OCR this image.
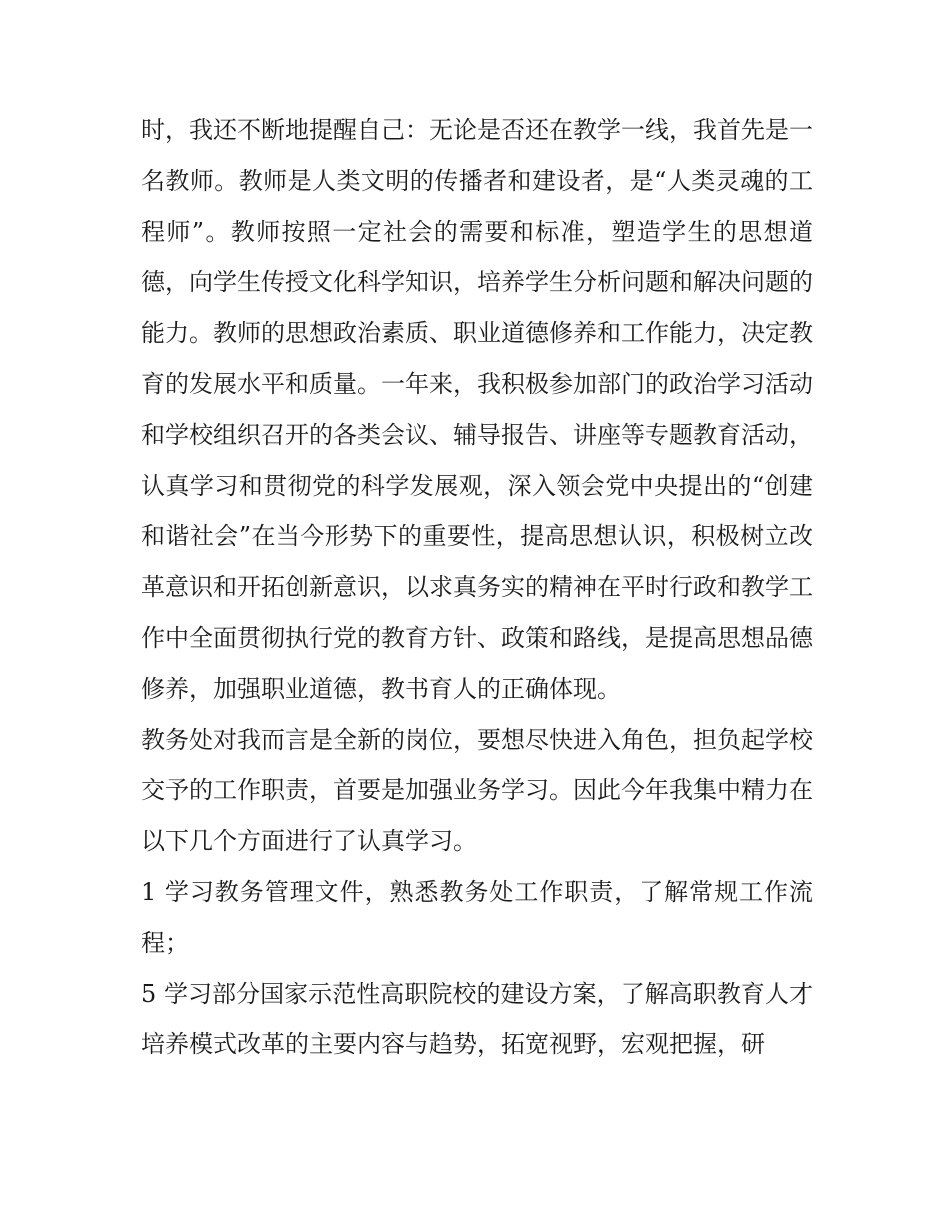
时，我还不断地提醒自己：无论是否还在教学一线，我首先是一名教师。教师是人类文明的传播者和建设者，是“人类灵魂的工程师”。教师按照一定社会的需要和标准，塑造学生的思想道德，向学生传授文化科学知识，培养学生分析问题和解决问题的能力。教师的思想政治素质、职业道德修养和工作能力，决定教育的发展水平和质量。一年来，我积极参加部门的政治学习活动和学校组织召开的各类会议、辅导报告、讲座等专题教育活动，认真学习和贯彻党的科学发展观，深入领会党中央提出的“创建和谐社会”在当今形势下的重要性，提高思想认识，积极树立改革意识和开拓创新意识，以求真务实的精神在平时行政和教学工作中全面贯彻执行党的教育方针、政策和路线，是提高思想品德修养，加强职业道德，教书育人的正确体现。

教务处对我而言是全新的岗位，要想尽快进入角色，担负起学校交予的工作职责，首要是加强业务学习。因此今年我集中精力在以下几个方面进行了认真学习。

1 学习教务管理文件，熟悉教务处工作职责，了解常规工作流程；

5 学习部分国家示范性高职院校的建设方案，了解高职教育人才培养模式改革的主要内容与趋势，拓宽视野，宏观把握，研
